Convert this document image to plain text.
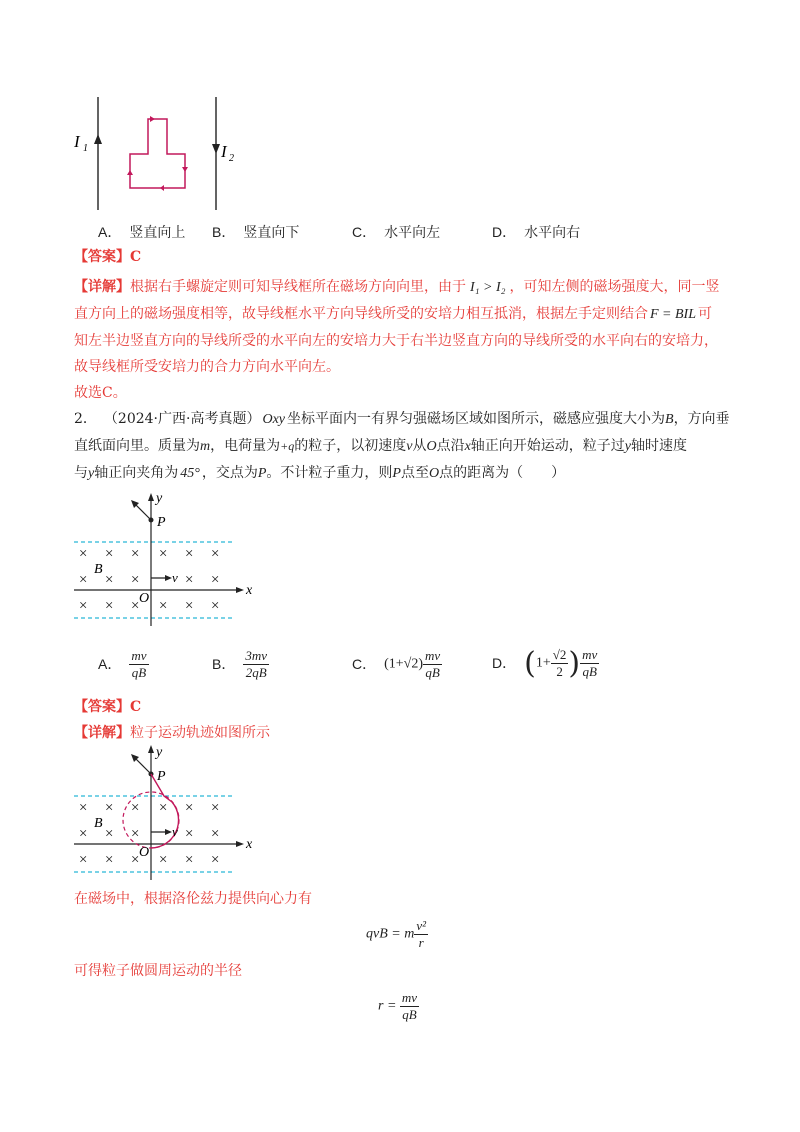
I 1	I 2
A． 竖直向上 B． 竖直向下	C． 水平向左	D． 水平向右
【答案】C
【详解】根据右手螺旋定则可知导线框所在磁场方向向里，由于 I₁ > I₂ ，可知左侧的磁场强度大，同一竖
直方向上的磁场强度相等，故导线框水平方向导线所受的安培力相互抵消，根据左手定则结合 F = BIL 可
知左半边竖直方向的导线所受的水平向左的安培力大于右半边竖直方向的导线所受的水平向右的安培力，
故导线框所受安培力的合力方向水平向左。
故选C。
2． （2024·广西·高考真题） Oxy 坐标平面内一有界匀强磁场区域如图所示，磁感应强度大小为B，方向垂
直纸面向里。质量为m，电荷量为+q的粒子，以初速度v从O点沿x轴正向开始运动，粒子过y轴时速度
与y轴正向夹角为 45° ，交点为P。不计粒子重力，则P点至O点的距离为（　　）
× × × × × ×
× × ×	× ×
× × × × × ×
y
P
B
v
x
O
A． $\frac{mv}{qB}$	B． $\frac{3mv}{2qB}$	C． $(1+√2) \frac{mv}{qB}$	D． ($1+ \frac{√2}{2}$ ) $\frac{mv}{qB}$
【答案】C
【详解】粒子运动轨迹如图所示
× × × × × ×
× × ×	× ×
× × × × × ×
y
P
B
v
x
O
在磁场中，根据洛伦兹力提供向心力有
qvB = m $\frac{\text{v²}}{r}$
可得粒子做圆周运动的半径
$r = \frac{mv}{qB}$
